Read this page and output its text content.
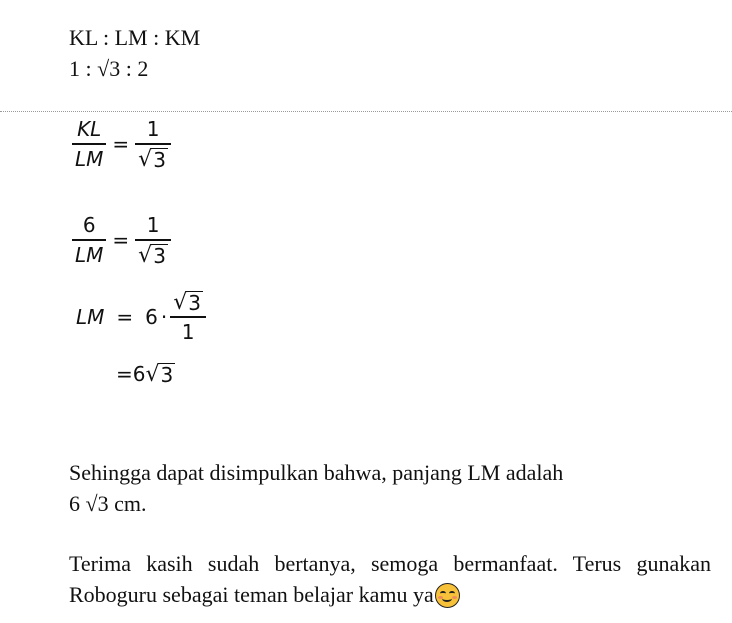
KL : LM : KM
1 : √3 : 2
$\frac{KL}{LM} = \frac{1}{√ 3}$
$\frac{6}{LM} = \frac{1}{√ 3}$
LM = $6 \cdot \frac{√ 3}{1}$
= 6 √ 3
Sehingga dapat disimpulkan bahwa, panjang LM adalah
6 √3 cm.
Terima kasih sudah bertanya, semoga bermanfaat. Terus gunakan Roboguru sebagai teman belajar kamu ya
